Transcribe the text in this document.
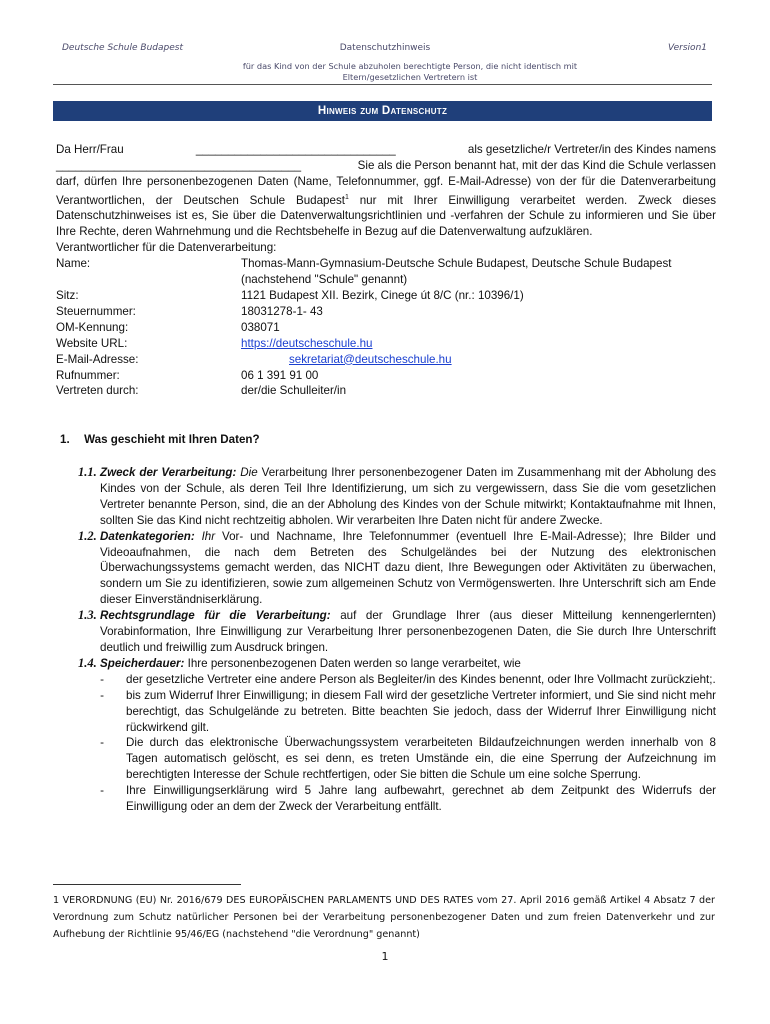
Deutsche Schule Budapest	Datenschutzhinweis	Version1
für das Kind von der Schule abzuholen berechtigte Person, die nicht identisch mit
Eltern/gesetzlichen Vertretern ist
Hinweis zum Datenschutz
Da Herr/Frau	_______________________________	als gesetzliche/r Vertreter/in des Kindes namens
______________________________________	Sie als die Person benannt hat, mit der das Kind die Schule verlassen
darf, dürfen Ihre personenbezogenen Daten (Name, Telefonnummer, ggf. E-Mail-Adresse) von der für die Datenverarbeitung Verantwortlichen, der Deutschen Schule Budapest$^1$ nur mit Ihrer Einwilligung verarbeitet werden. Zweck dieses Datenschutzhinweises ist es, Sie über die Datenverwaltungsrichtlinien und -verfahren der Schule zu informieren und Sie über Ihre Rechte, deren Wahrnehmung und die Rechtsbehelfe in Bezug auf die Datenverwaltung aufzuklären.
Verantwortlicher für die Datenverarbeitung:
Name:	Thomas-Mann-Gymnasium-Deutsche Schule Budapest, Deutsche Schule Budapest
(nachstehend "Schule" genannt)
Sitz:	1121 Budapest XII. Bezirk, Cinege út 8/C (nr.: 10396/1)
Steuernummer:	18031278-1- 43
OM-Kennung:	038071
Website URL:	https://deutscheschule.hu
E-Mail-Adresse:	sekretariat@deutscheschule.hu
Rufnummer:	06 1 391 91 00
Vertreten durch:	der/die Schulleiter/in
1. Was geschieht mit Ihren Daten?
1.1. Zweck der Verarbeitung: Die Verarbeitung Ihrer personenbezogener Daten im Zusammenhang mit der Abholung des Kindes von der Schule, als deren Teil Ihre Identifizierung, um sich zu vergewissern, dass Sie die vom gesetzlichen Vertreter benannte Person, sind, die an der Abholung des Kindes von der Schule mitwirkt; Kontaktaufnahme mit Ihnen, sollten Sie das Kind nicht rechtzeitig abholen. Wir verarbeiten Ihre Daten nicht für andere Zwecke.
1.2. Datenkategorien: Ihr Vor- und Nachname, Ihre Telefonnummer (eventuell Ihre E-Mail-Adresse); Ihre Bilder und Videoaufnahmen, die nach dem Betreten des Schulgeländes bei der Nutzung des elektronischen Überwachungssystems gemacht werden, das NICHT dazu dient, Ihre Bewegungen oder Aktivitäten zu überwachen, sondern um Sie zu identifizieren, sowie zum allgemeinen Schutz von Vermögenswerten. Ihre Unterschrift sich am Ende dieser Einverständniserklärung.
1.3. Rechtsgrundlage für die Verarbeitung: auf der Grundlage Ihrer (aus dieser Mitteilung kennengerlernten) Vorabinformation, Ihre Einwilligung zur Verarbeitung Ihrer personenbezogenen Daten, die Sie durch Ihre Unterschrift deutlich und freiwillig zum Ausdruck bringen.
1.4. Speicherdauer: Ihre personenbezogenen Daten werden so lange verarbeitet, wie
-	der gesetzliche Vertreter eine andere Person als Begleiter/in des Kindes benennt, oder Ihre Vollmacht zurückzieht;.
-	bis zum Widerruf Ihrer Einwilligung; in diesem Fall wird der gesetzliche Vertreter informiert, und Sie sind nicht mehr berechtigt, das Schulgelände zu betreten. Bitte beachten Sie jedoch, dass der Widerruf Ihrer Einwilligung nicht rückwirkend gilt.
-	Die durch das elektronische Überwachungssystem verarbeiteten Bildaufzeichnungen werden innerhalb von 8 Tagen automatisch gelöscht, es sei denn, es treten Umstände ein, die eine Sperrung der Aufzeichnung im berechtigten Interesse der Schule rechtfertigen, oder Sie bitten die Schule um eine solche Sperrung.
-	Ihre Einwilligungserklärung wird 5 Jahre lang aufbewahrt, gerechnet ab dem Zeitpunkt des Widerrufs der Einwilligung oder an dem der Zweck der Verarbeitung entfällt.
1 VERORDNUNG (EU) Nr. 2016/679 DES EUROPÄISCHEN PARLAMENTS UND DES RATES vom 27. April 2016 gemäß Artikel 4 Absatz 7 der Verordnung zum Schutz natürlicher Personen bei der Verarbeitung personenbezogener Daten und zum freien Datenverkehr und zur Aufhebung der Richtlinie 95/46/EG (nachstehend "die Verordnung" genannt)
1
